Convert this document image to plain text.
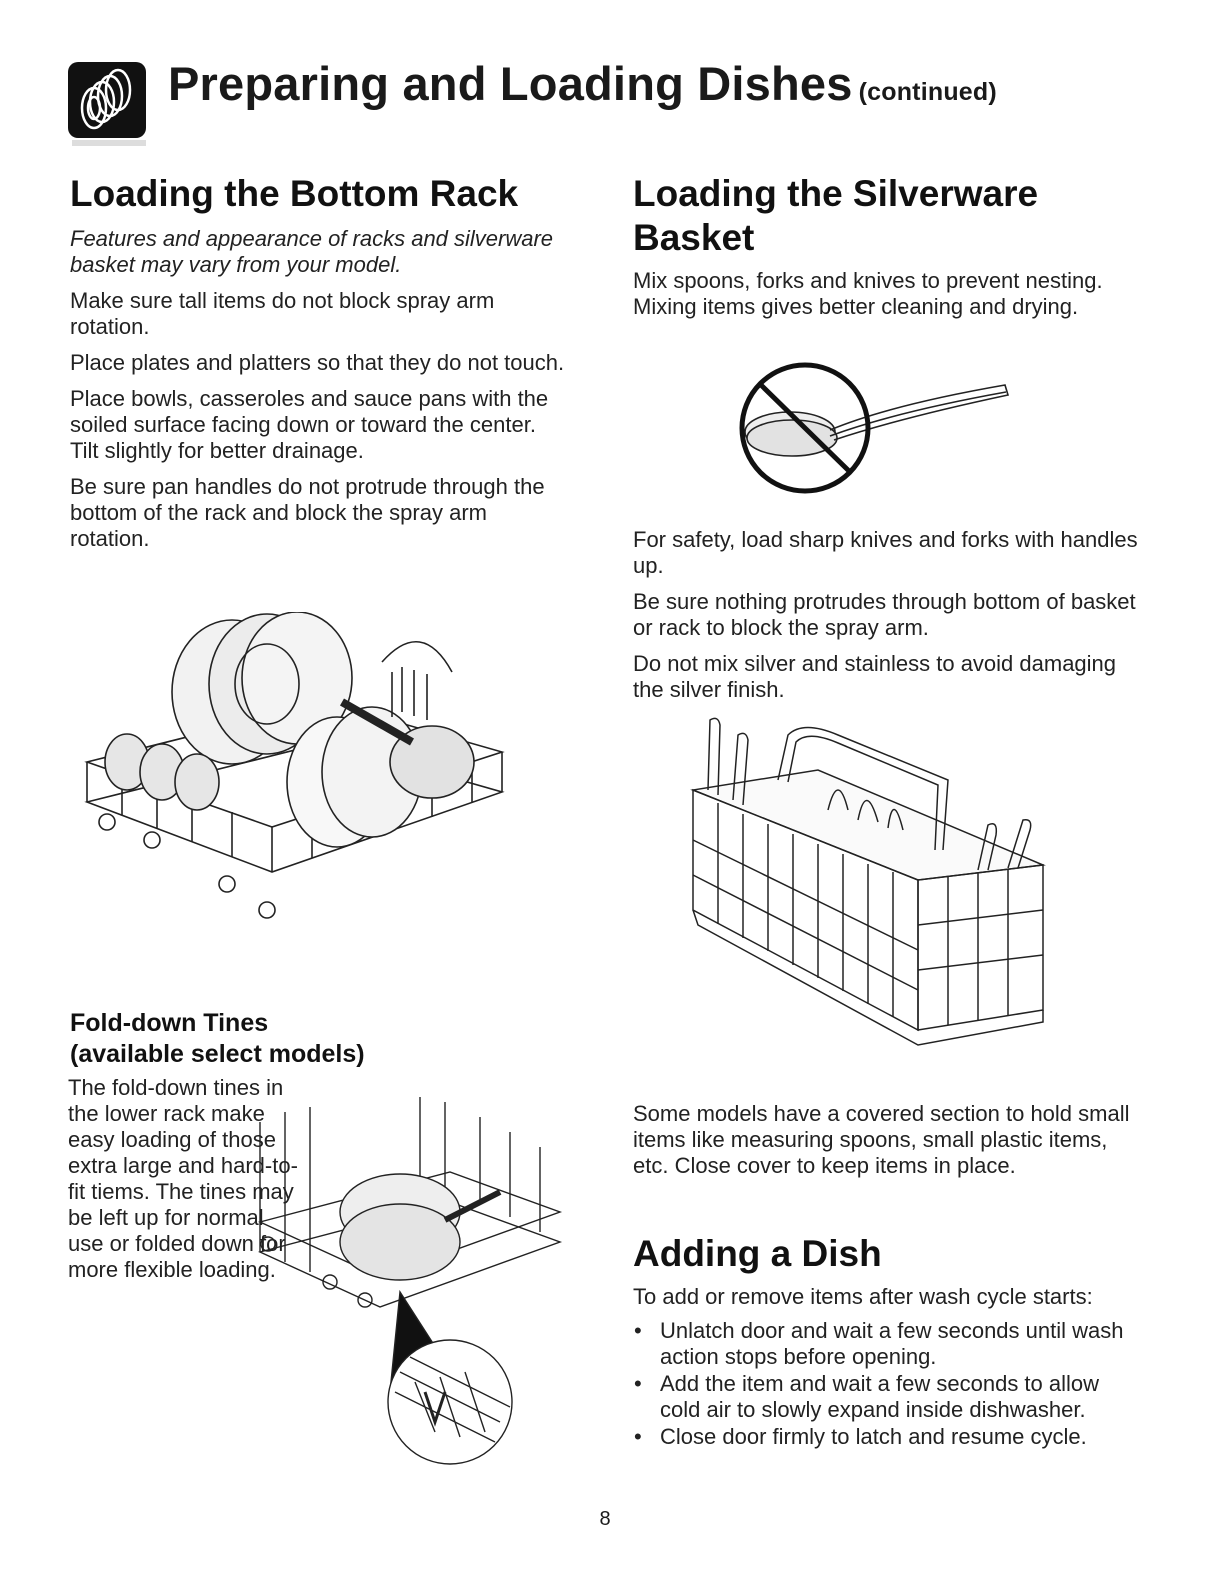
Preparing and Loading Dishes (continued)
Loading the Bottom Rack

Features and appearance of racks and silverware basket may vary from your model.

Make sure tall items do not block spray arm rotation.

Place plates and platters so that they do not touch.

Place bowls, casseroles and sauce pans with the soiled surface facing down or toward the center. Tilt slightly for better drainage.

Be sure pan handles do not protrude through the bottom of the rack and block the spray arm rotation.

Fold-down Tines
(available select models)

The fold-down tines in the lower rack make easy loading of those extra large and hard-to-fit tiems. The tines may be left up for normal use or folded down for more flexible loading.

Loading the Silverware Basket

Mix spoons, forks and knives to prevent nesting. Mixing items gives better cleaning and drying.

For safety, load sharp knives and forks with handles up.

Be sure nothing protrudes through bottom of basket or rack to block the spray arm.

Do not mix silver and stainless to avoid damaging the silver finish.

Some models have a covered section to hold small items like measuring spoons, small plastic items, etc. Close cover to keep items in place.

Adding a Dish

To add or remove items after wash cycle starts:

• Unlatch door and wait a few seconds until wash action stops before opening.
• Add the item and wait a few seconds to allow cold air to slowly expand inside dishwasher.
• Close door firmly to latch and resume cycle.
8
